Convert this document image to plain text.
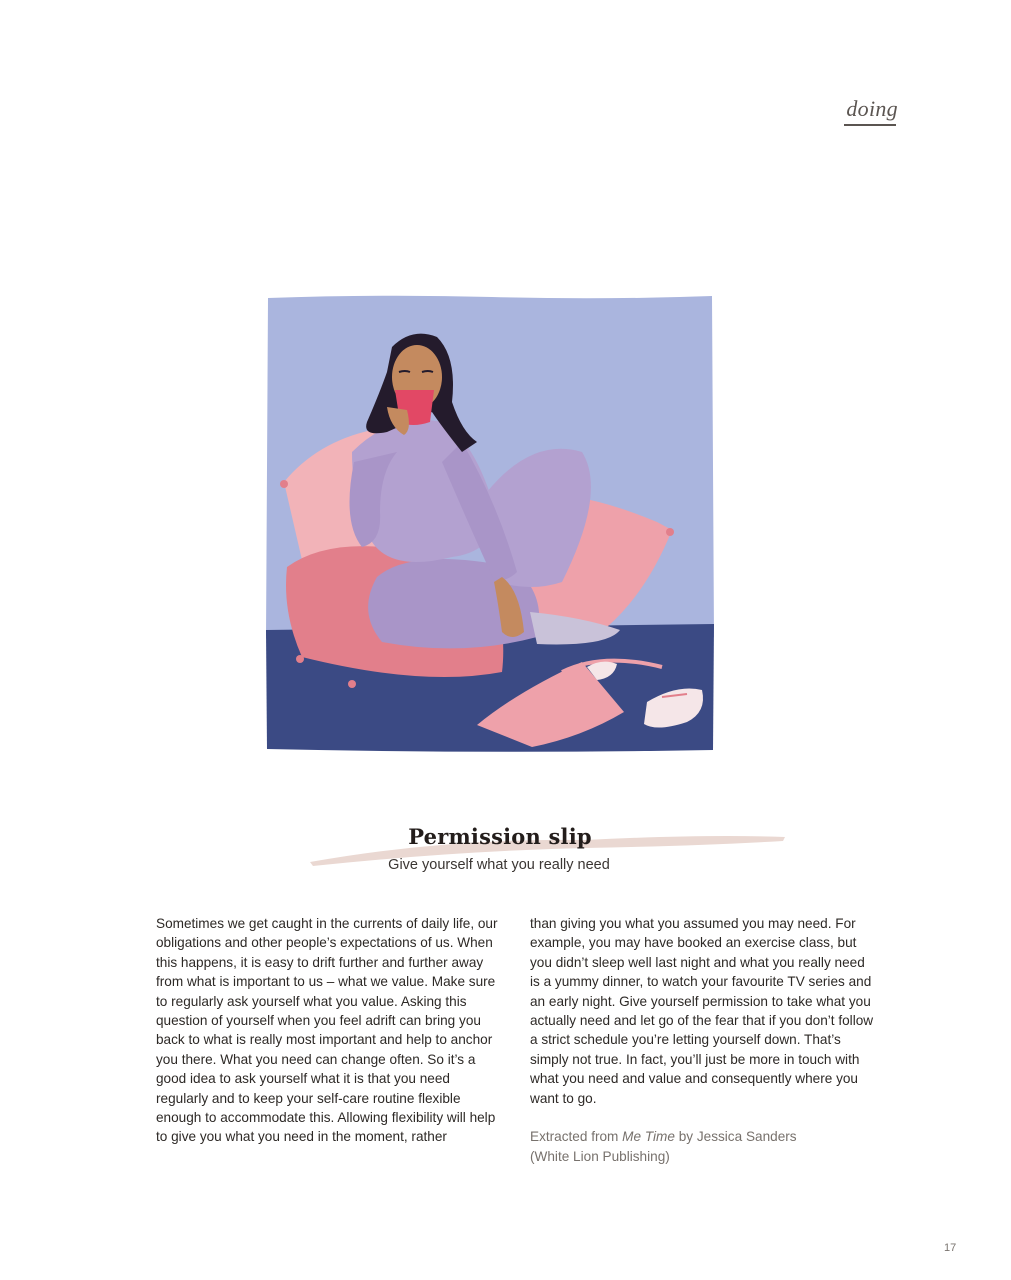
doing
Permission slip
Give yourself what you really need

Sometimes we get caught in the currents of daily life, our obligations and other people’s expectations of us. When this happens, it is easy to drift further and further away from what is important to us – what we value. Make sure to regularly ask yourself what you value. Asking this question of yourself when you feel adrift can bring you back to what is really most important and help to anchor you there. What you need can change often. So it’s a good idea to ask yourself what it is that you need regularly and to keep your self-care routine flexible enough to accommodate this. Allowing flexibility will help to give you what you need in the moment, rather

than giving you what you assumed you may need. For example, you may have booked an exercise class, but you didn’t sleep well last night and what you really need is a yummy dinner, to watch your favourite TV series and an early night. Give yourself permission to take what you actually need and let go of the fear that if you don’t follow a strict schedule you’re letting yourself down. That’s simply not true. In fact, you’ll just be more in touch with what you need and value and consequently where you want to go.

Extracted from Me Time by Jessica Sanders
(White Lion Publishing)

17
